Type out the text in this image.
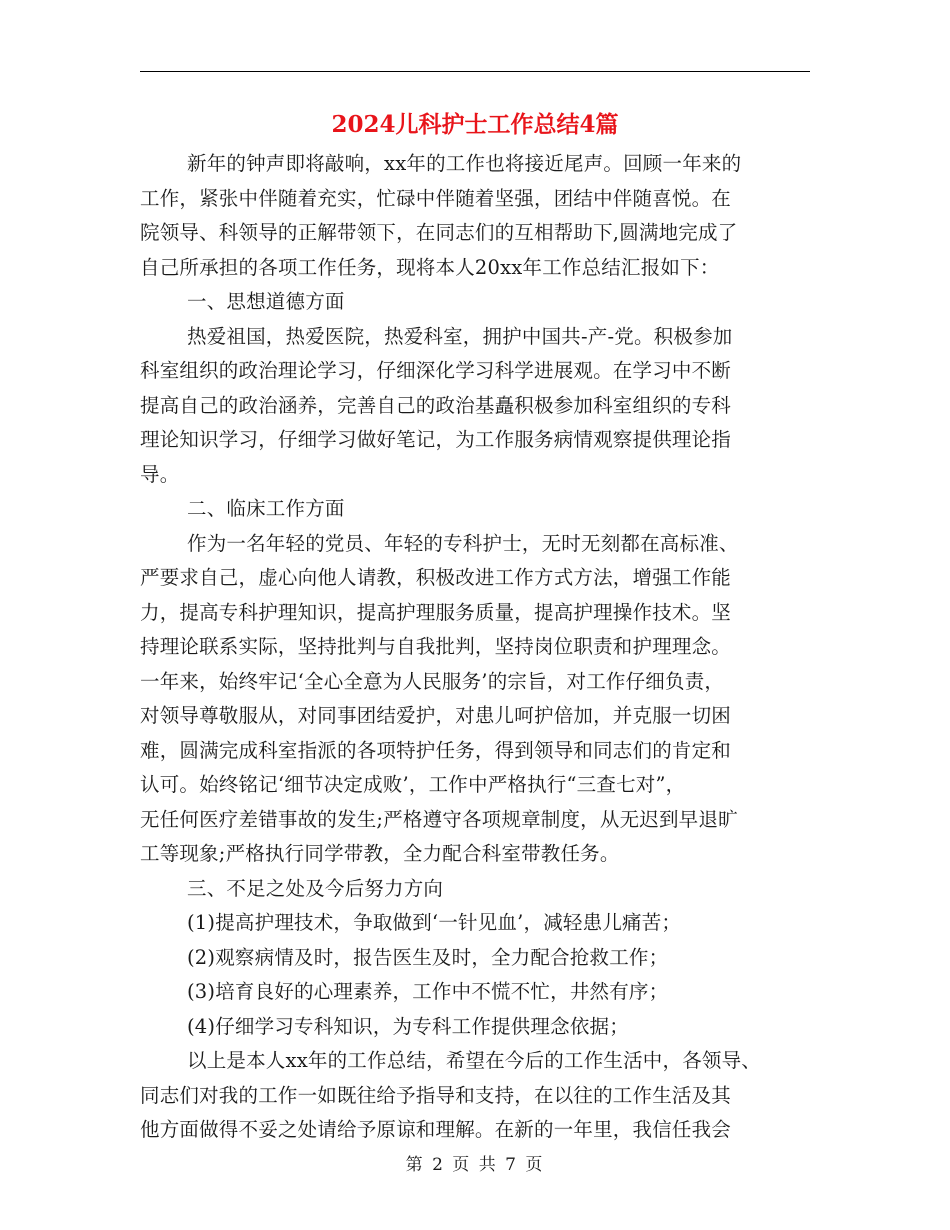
2024儿科护士工作总结4篇
新年的钟声即将敲响，xx年的工作也将接近尾声。回顾一年来的
工作，紧张中伴随着充实，忙碌中伴随着坚强，团结中伴随喜悦。在
院领导、科领导的正解带领下，在同志们的互相帮助下,圆满地完成了
自己所承担的各项工作任务，现将本人20xx年工作总结汇报如下：
一、思想道德方面
热爱祖国，热爱医院，热爱科室，拥护中国共-产-党。积极参加
科室组织的政治理论学习，仔细深化学习科学进展观。在学习中不断
提高自己的政治涵养，完善自己的政治基矗积极参加科室组织的专科
理论知识学习，仔细学习做好笔记，为工作服务病情观察提供理论指
导。
二、临床工作方面
作为一名年轻的党员、年轻的专科护士，无时无刻都在高标准、
严要求自己，虚心向他人请教，积极改进工作方式方法，增强工作能
力，提高专科护理知识，提高护理服务质量，提高护理操作技术。坚
持理论联系实际，坚持批判与自我批判，坚持岗位职责和护理理念。
一年来，始终牢记‘全心全意为人民服务’的宗旨，对工作仔细负责，
对领导尊敬服从，对同事团结爱护，对患儿呵护倍加，并克服一切困
难，圆满完成科室指派的各项特护任务，得到领导和同志们的肯定和
认可。始终铭记‘细节决定成败’，工作中严格执行“三查七对”，
无任何医疗差错事故的发生;严格遵守各项规章制度，从无迟到早退旷
工等现象;严格执行同学带教，全力配合科室带教任务。
三、不足之处及今后努力方向
(1)提高护理技术，争取做到‘一针见血’，减轻患儿痛苦；
(2)观察病情及时，报告医生及时，全力配合抢救工作；
(3)培育良好的心理素养，工作中不慌不忙，井然有序；
(4)仔细学习专科知识，为专科工作提供理念依据；
以上是本人xx年的工作总结，希望在今后的工作生活中，各领导、
同志们对我的工作一如既往给予指导和支持，在以往的工作生活及其
他方面做得不妥之处请给予原谅和理解。在新的一年里，我信任我会
第 2 页 共 7 页
